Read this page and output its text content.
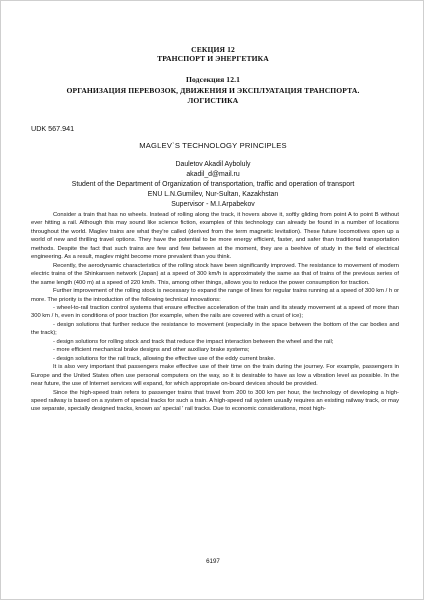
СЕКЦИЯ 12
ТРАНСПОРТ И ЭНЕРГЕТИКА
Подсекция 12.1
ОРГАНИЗАЦИЯ ПЕРЕВОЗОК, ДВИЖЕНИЯ И ЭКСПЛУАТАЦИЯ ТРАНСПОРТА.
ЛОГИСТИКА
UDK 567.941
MAGLEV`S TECHNOLOGY PRINCIPLES
Dauletov Akadil Aybolulу
akadil_d@mail.ru
Student of the Department of Organization of transportation, traffic and operation of transport
ENU L.N.Gumilev, Nur-Sultan, Kazakhstan
Supervisor - M.I.Arpabekov

Consider a train that has no wheels. Instead of rolling along the track, it hovers above it, softly gliding from point A to point B without ever hitting a rail. Although this may sound like science fiction, examples of this technology can already be found in a number of locations throughout the world. Maglev trains are what they're called (derived from the term magnetic levitation). These future locomotives open up a world of new and thrilling travel options. They have the potential to be more energy efficient, faster, and safer than traditional transportation methods. Despite the fact that such trains are few and few between at the moment, they are a beehive of study in the field of electrical engineering. As a result, maglev might become more prevalent than you think.

Recently, the aerodynamic characteristics of the rolling stock have been significantly improved. The resistance to movement of modern electric trains of the Shinkansen network (Japan) at a speed of 300 km/h is approximately the same as that of trains of the previous series of the same length (400 m) at a speed of 220 km/h. This, among other things, allows you to reduce the power consumption for traction.

Further improvement of the rolling stock is necessary to expand the range of lines for regular trains running at a speed of 300 km / h or more. The priority is the introduction of the following technical innovations:

- wheel-to-rail traction control systems that ensure effective acceleration of the train and its steady movement at a speed of more than 300 km / h, even in conditions of poor traction (for example, when the rails are covered with a crust of ice);

- design solutions that further reduce the resistance to movement (especially in the space between the bottom of the car bodies and the track);

- design solutions for rolling stock and track that reduce the impact interaction between the wheel and the rail;

- more efficient mechanical brake designs and other auxiliary brake systems;

- design solutions for the rail track, allowing the effective use of the eddy current brake.

It is also very important that passengers make effective use of their time on the train during the journey. For example, passengers in Europe and the United States often use personal computers on the way, so it is desirable to have as low a vibration level as possible. In the near future, the use of Internet services will expand, for which appropriate on-board devices should be provided.

Since the high-speed train refers to passenger trains that travel from 200 to 300 km per hour, the technology of developing a high-speed railway is based on a system of special tracks for such a train. A high-speed rail system usually requires an existing railway track, or may use separate, specially designed tracks, known as' special ' rail tracks. Due to economic considerations, most high-

6197
